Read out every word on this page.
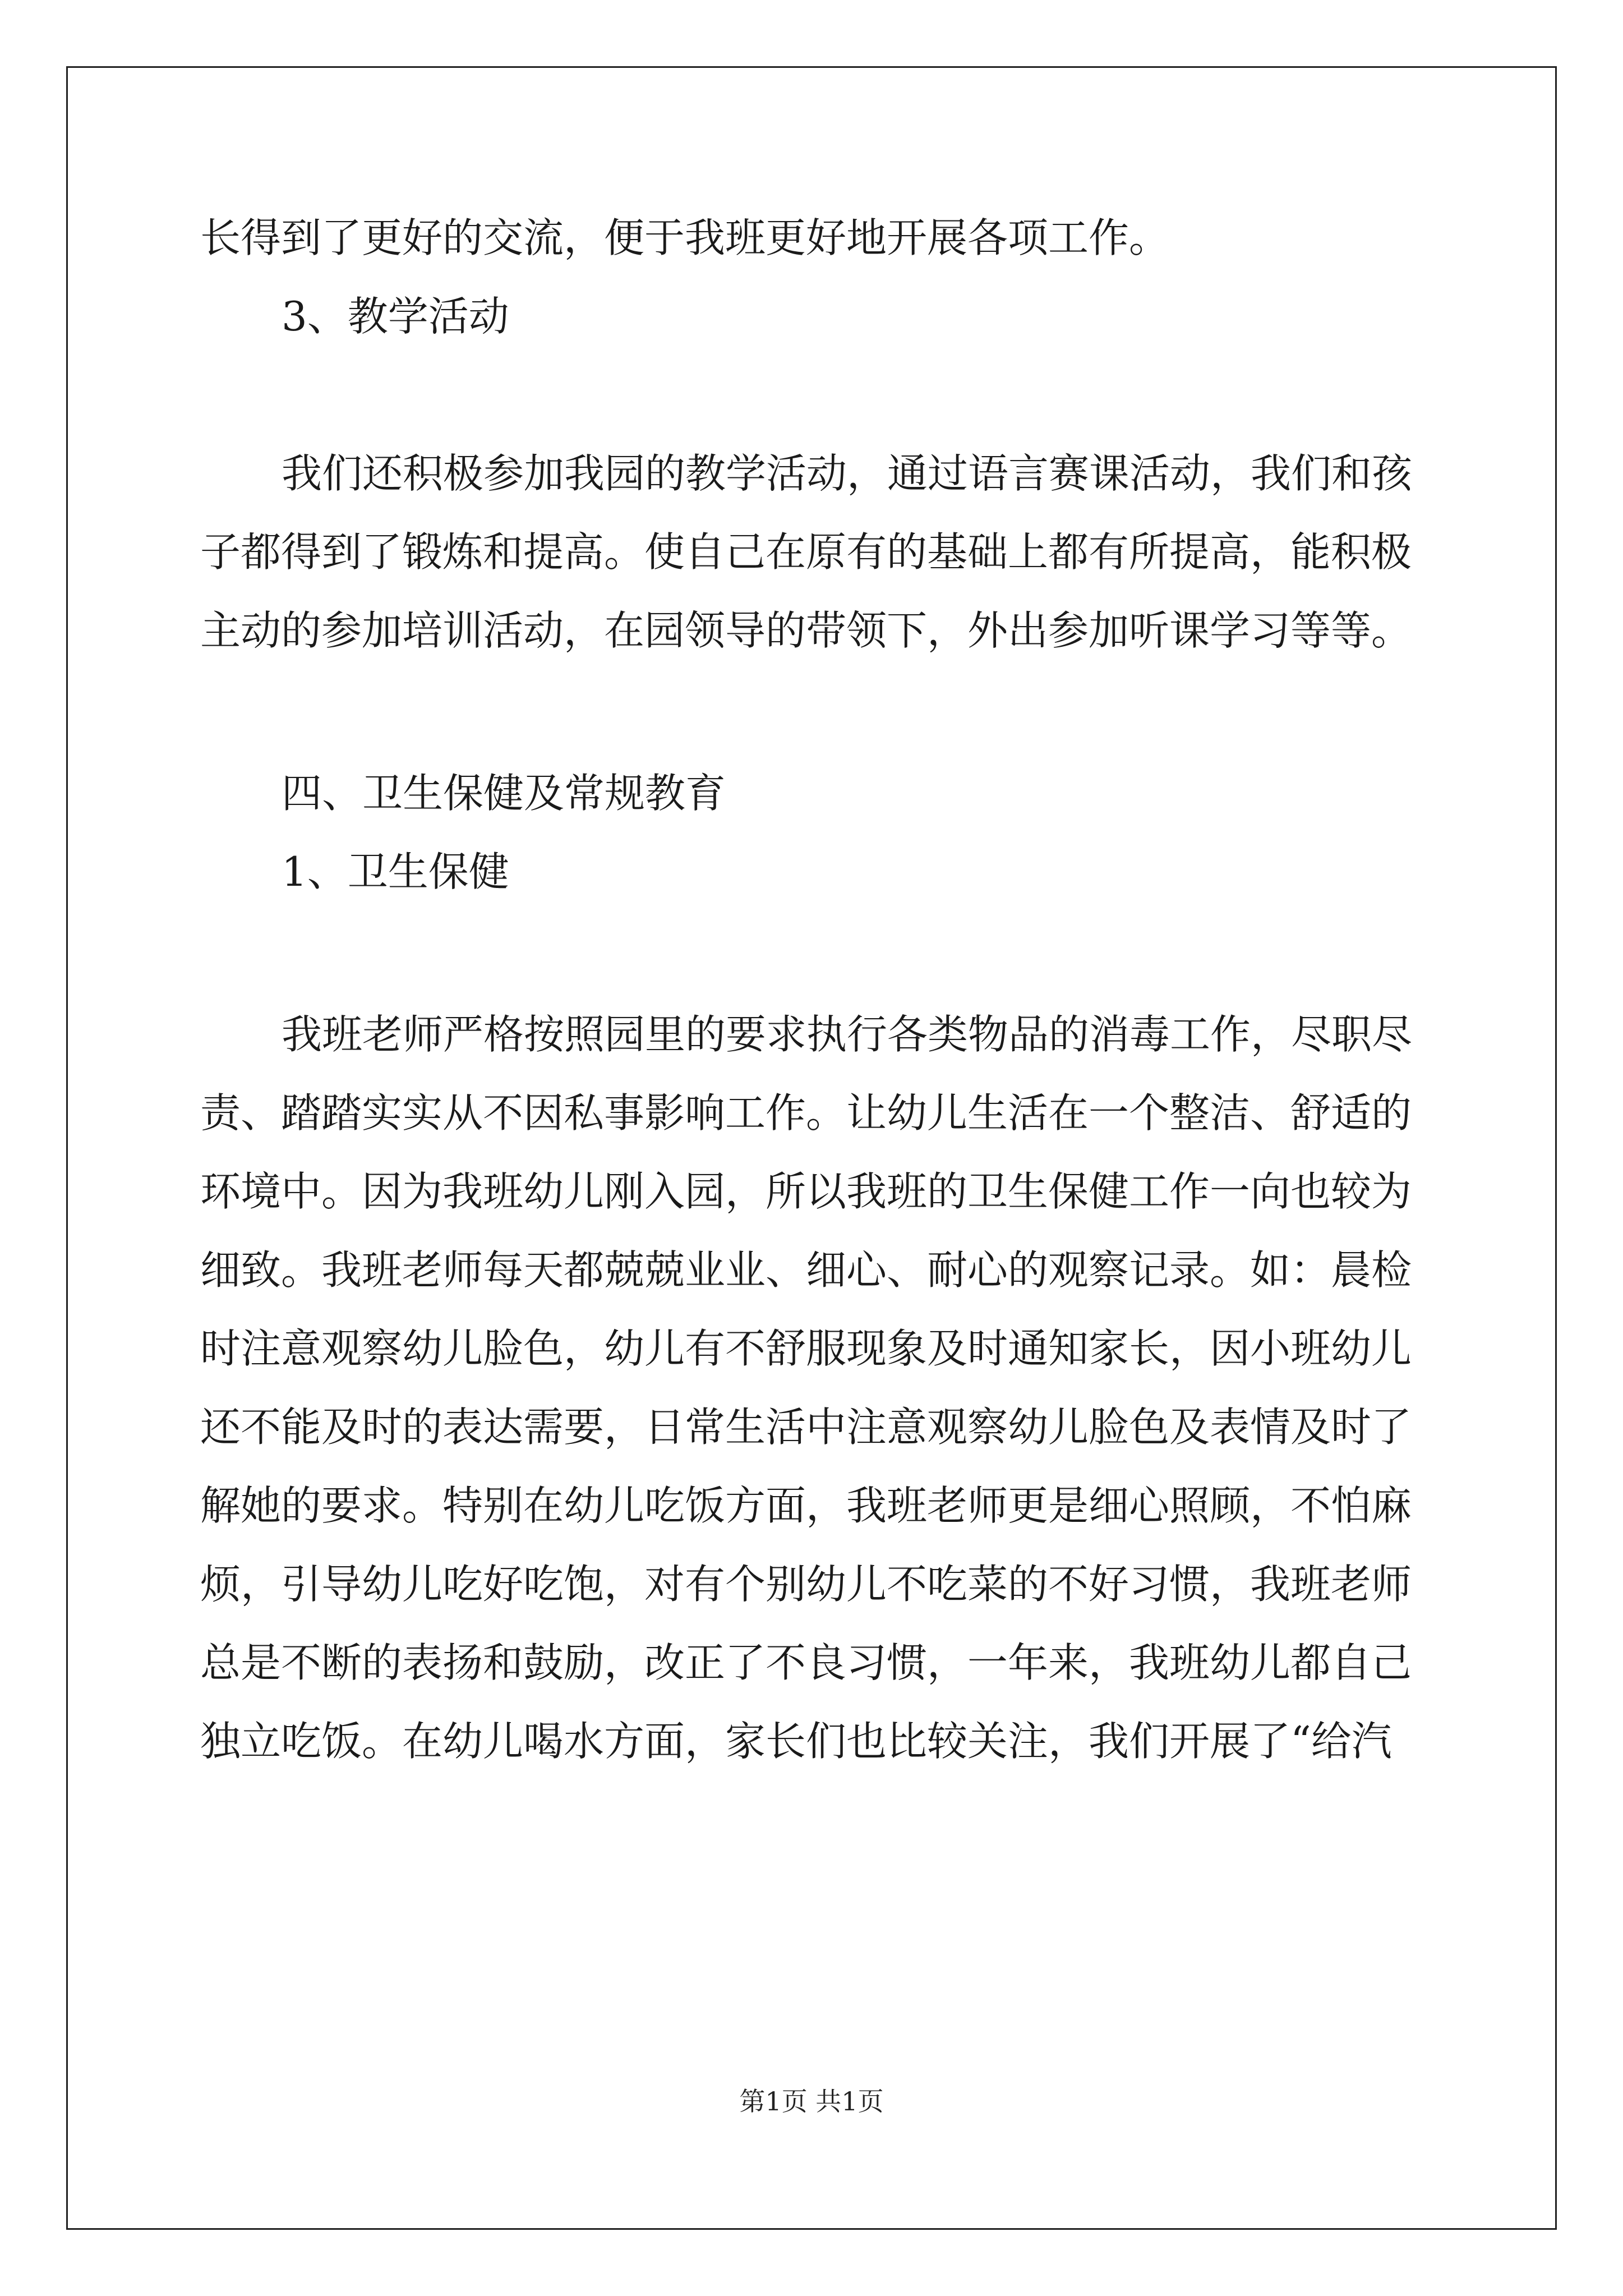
长得到了更好的交流，便于我班更好地开展各项工作。
3、教学活动
我们还积极参加我园的教学活动，通过语言赛课活动，我们和孩
子都得到了锻炼和提高。使自己在原有的基础上都有所提高，能积极
主动的参加培训活动，在园领导的带领下，外出参加听课学习等等。
四、卫生保健及常规教育
1、卫生保健
我班老师严格按照园里的要求执行各类物品的消毒工作，尽职尽
责、踏踏实实从不因私事影响工作。让幼儿生活在一个整洁、舒适的
环境中。因为我班幼儿刚入园，所以我班的卫生保健工作一向也较为
细致。我班老师每天都兢兢业业、细心、耐心的观察记录。如：晨检
时注意观察幼儿脸色，幼儿有不舒服现象及时通知家长，因小班幼儿
还不能及时的表达需要，日常生活中注意观察幼儿脸色及表情及时了
解她的要求。特别在幼儿吃饭方面，我班老师更是细心照顾，不怕麻
烦，引导幼儿吃好吃饱，对有个别幼儿不吃菜的不好习惯，我班老师
总是不断的表扬和鼓励，改正了不良习惯，一年来，我班幼儿都自己
独立吃饭。在幼儿喝水方面，家长们也比较关注，我们开展了“给汽
第1页 共1页
